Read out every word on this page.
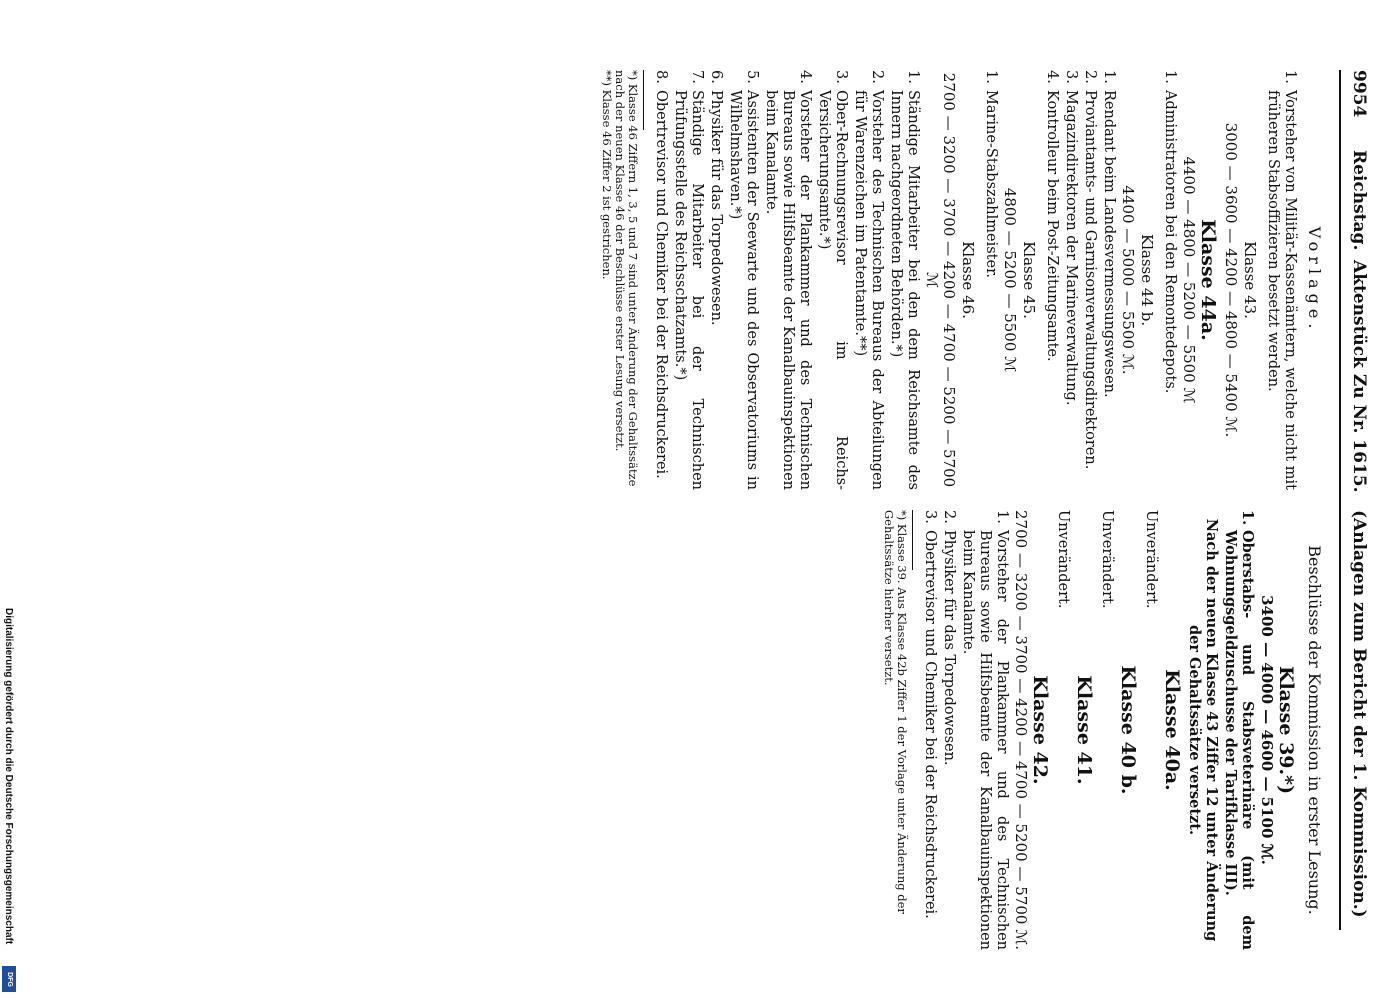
9954
Reichstag.
Aktenstück Zu Nr. 1615.
(Anlagen zum Bericht der 1. Kommission.)
Vorlage.
1.
Vorsteher von Militär-Kassenämtern, welche nicht mit früheren Stabsoffizieren besetzt werden.
Klasse 43.
3000 — 3600 — 4200 — 4800 — 5400 ℳ.
Klasse 44a.
4400 — 4800 — 5200 — 5500 ℳ
1.
Administratoren bei den Remontedepots.
Klasse 44 b.
4400 — 5000 — 5500 ℳ.
1.
Rendant beim Landesvermessungswesen.
2.
Proviantamts- und Garnisonverwaltungsdirektoren.
3.
Magazindirektoren der Marineverwaltung.
4.
Kontrolleur beim Post-Zeitungsamte.
Klasse 45.
4800 — 5200 — 5500 ℳ
1.
Marine-Stabszahlmeister.
Klasse 46.
2700 — 3200 — 3700 — 4200 — 4700 — 5200 — 5700 ℳ
1.
Ständige Mitarbeiter bei den dem Reichsamte des Innern nachgeordneten Behörden.*)
2.
Vorsteher des Technischen Bureaus der Abteilungen für Warenzeichen im Patentamte.**)
3.
Ober-Rechnungsrevisor im Reichs-Versicherungsamte.*)
4.
Vorsteher der Plankammer und des Technischen Bureaus sowie Hilfsbeamte der Kanalbauinspektionen beim Kanalamte.
5.
Assistenten der Seewarte und des Observatoriums in Wilhelmshaven.*)
6.
Physiker für das Torpedowesen.
7.
Ständige Mitarbeiter bei der Technischen Prüfungsstelle des Reichsschatzamts.*)
8.
Obertrevisor und Chemiker bei der Reichsdruckerei.
*) Klasse 46 Ziffern 1, 3, 5 und 7 sind unter Änderung der Gehaltssätze nach der neuen Klasse 46 der Beschlüsse erster Lesung versetzt.
**) Klasse 46 Ziffer 2 ist gestrichen.
Beschlüsse der Kommission in erster Lesung.
Klasse 39.*)
3400 — 4000 — 4600 — 5100 ℳ.
1.
Oberstabs- und Stabsveterinäre (mit dem Wohnungsgeldzuschusse der Tarifklasse III).
Nach der neuen Klasse 43 Ziffer 12 unter Änderung der Gehaltssätze versetzt.
Klasse 40a.
Unverändert.
Klasse 40 b.
Unverändert.
Klasse 41.
Unverändert.
Klasse 42.
2700 — 3200 — 3700 — 4200 — 4700 — 5200 — 5700 ℳ.
1.
Vorsteher der Plankammer und des Technischen Bureaus sowie Hilfsbeamte der Kanalbauinspektionen beim Kanalamte.
2.
Physiker für das Torpedowesen.
3.
Obertrevisor und Chemiker bei der Reichsdruckerei.
*) Klasse 39. Aus Klasse 42b Ziffer 1 der Vorlage unter Änderung der Gehaltssätze hierher versetzt.
Digitalisierung gefördert durch die Deutsche Forschungsgemeinschaft
DFG
